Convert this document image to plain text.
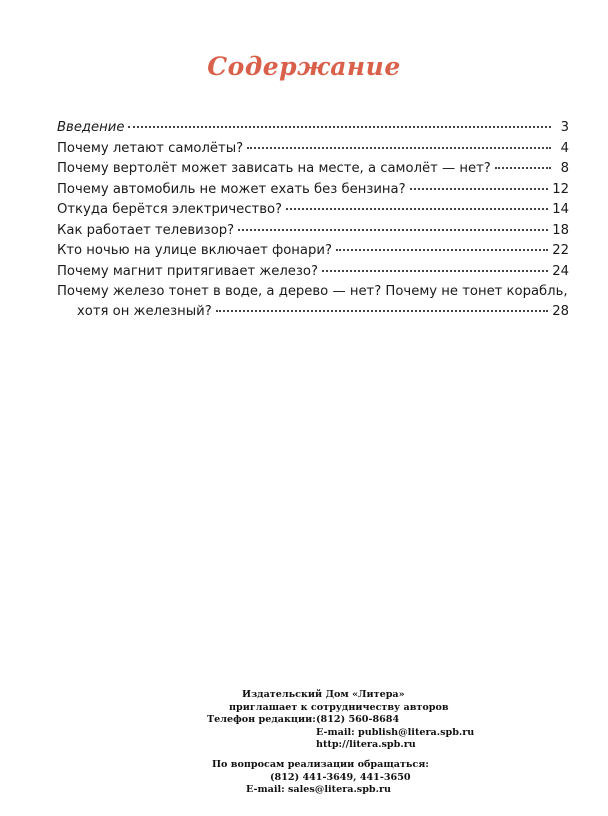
Содержание
Введение	3
Почему летают самолёты?	4
Почему вертолёт может зависать на месте, а самолёт — нет?	8
Почему автомобиль не может ехать без бензина?	12
Откуда берётся электричество?	14
Как работает телевизор?	18
Кто ночью на улице включает фонари?	22
Почему магнит притягивает железо?	24
Почему железо тонет в воде, а дерево — нет? Почему не тонет корабль,
хотя он железный?	28
Издательский Дом «Литера»
приглашает к сотрудничеству авторов
Телефон редакции: (812) 560-8684
E-mail: publish@litera.spb.ru
http://litera.spb.ru
По вопросам реализации обращаться:
(812) 441-3649, 441-3650
E-mail: sales@litera.spb.ru
